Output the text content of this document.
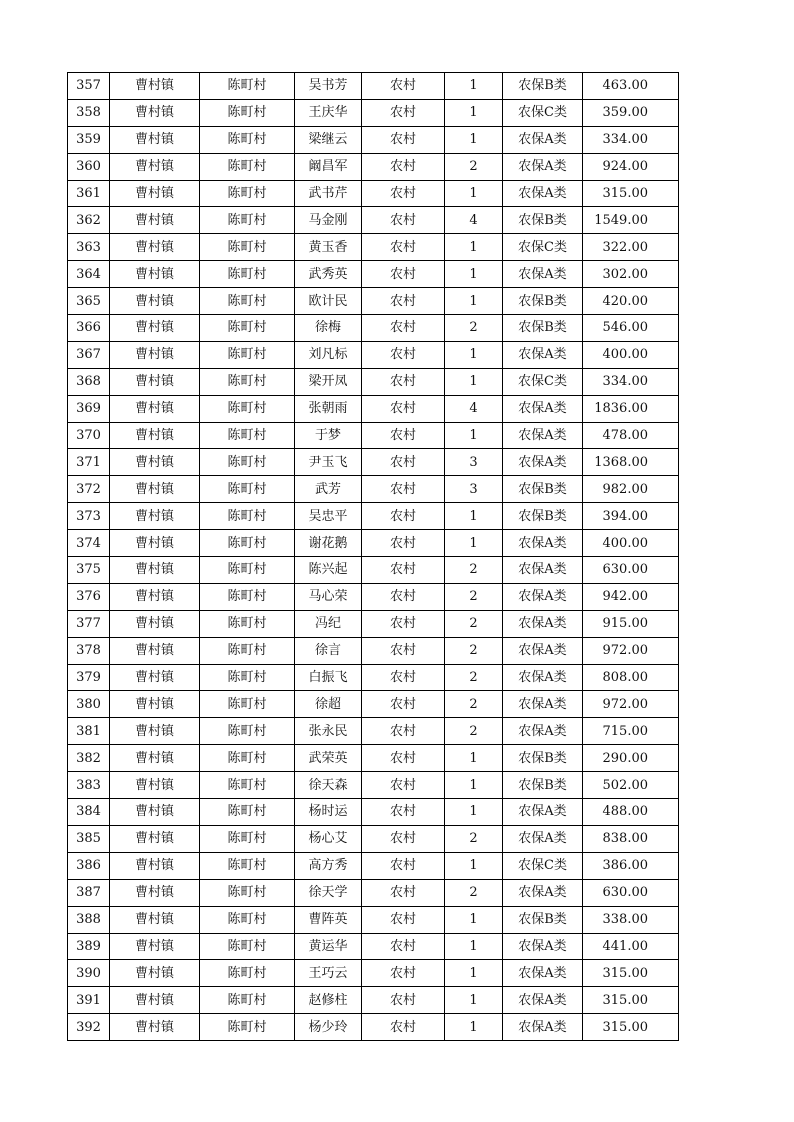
357	曹村镇	陈町村	吴书芳	农村	1	农保B类	463.00
358	曹村镇	陈町村	王庆华	农村	1	农保C类	359.00
359	曹村镇	陈町村	梁继云	农村	1	农保A类	334.00
360	曹村镇	陈町村	阚昌军	农村	2	农保A类	924.00
361	曹村镇	陈町村	武书芹	农村	1	农保A类	315.00
362	曹村镇	陈町村	马金刚	农村	4	农保B类	1549.00
363	曹村镇	陈町村	黄玉香	农村	1	农保C类	322.00
364	曹村镇	陈町村	武秀英	农村	1	农保A类	302.00
365	曹村镇	陈町村	欧计民	农村	1	农保B类	420.00
366	曹村镇	陈町村	徐梅	农村	2	农保B类	546.00
367	曹村镇	陈町村	刘凡标	农村	1	农保A类	400.00
368	曹村镇	陈町村	梁开凤	农村	1	农保C类	334.00
369	曹村镇	陈町村	张朝雨	农村	4	农保A类	1836.00
370	曹村镇	陈町村	于梦	农村	1	农保A类	478.00
371	曹村镇	陈町村	尹玉飞	农村	3	农保A类	1368.00
372	曹村镇	陈町村	武芳	农村	3	农保B类	982.00
373	曹村镇	陈町村	吴忠平	农村	1	农保B类	394.00
374	曹村镇	陈町村	谢花鹅	农村	1	农保A类	400.00
375	曹村镇	陈町村	陈兴起	农村	2	农保A类	630.00
376	曹村镇	陈町村	马心荣	农村	2	农保A类	942.00
377	曹村镇	陈町村	冯纪	农村	2	农保A类	915.00
378	曹村镇	陈町村	徐言	农村	2	农保A类	972.00
379	曹村镇	陈町村	白振飞	农村	2	农保A类	808.00
380	曹村镇	陈町村	徐超	农村	2	农保A类	972.00
381	曹村镇	陈町村	张永民	农村	2	农保A类	715.00
382	曹村镇	陈町村	武荣英	农村	1	农保B类	290.00
383	曹村镇	陈町村	徐天森	农村	1	农保B类	502.00
384	曹村镇	陈町村	杨时运	农村	1	农保A类	488.00
385	曹村镇	陈町村	杨心艾	农村	2	农保A类	838.00
386	曹村镇	陈町村	高方秀	农村	1	农保C类	386.00
387	曹村镇	陈町村	徐天学	农村	2	农保A类	630.00
388	曹村镇	陈町村	曹阵英	农村	1	农保B类	338.00
389	曹村镇	陈町村	黄运华	农村	1	农保A类	441.00
390	曹村镇	陈町村	王巧云	农村	1	农保A类	315.00
391	曹村镇	陈町村	赵修柱	农村	1	农保A类	315.00
392	曹村镇	陈町村	杨少玲	农村	1	农保A类	315.00
